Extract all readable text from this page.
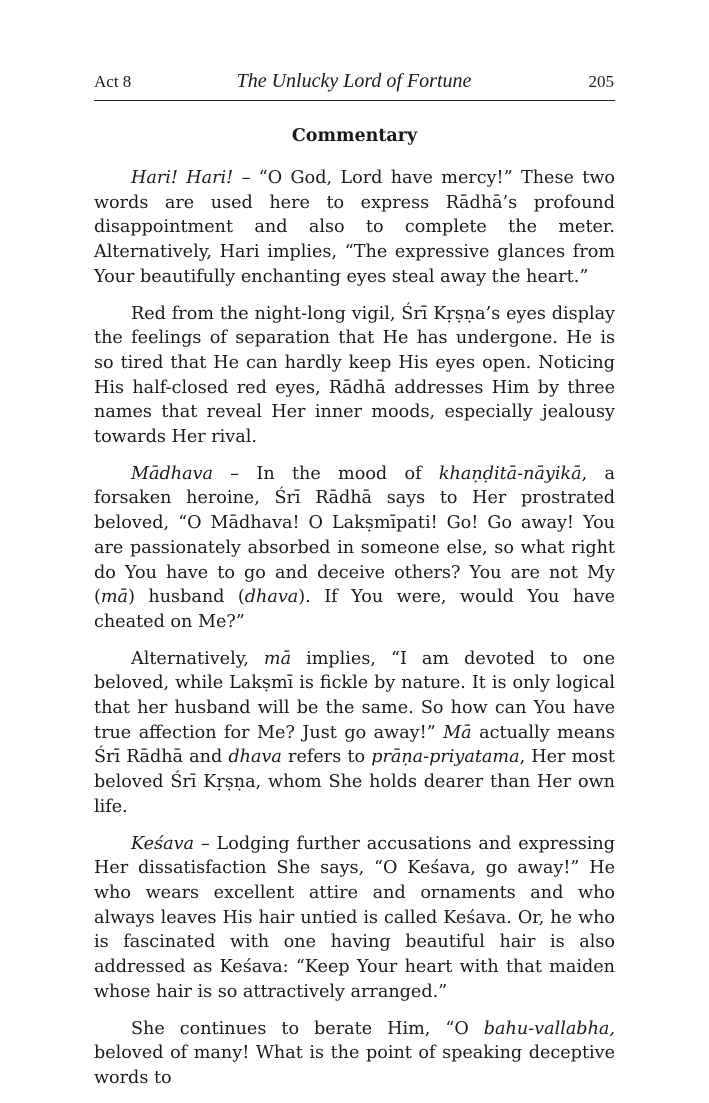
Act 8	The Unlucky Lord of Fortune	205
Commentary

Hari! Hari! – “O God, Lord have mercy!” These two words are used here to express Rādhā’s profound disappointment and also to complete the meter. Alternatively, Hari implies, “The expressive glances from Your beautifully enchanting eyes steal away the heart.”

Red from the night-long vigil, Śrī Kṛṣṇa’s eyes display the feelings of separation that He has undergone. He is so tired that He can hardly keep His eyes open. Noticing His half-closed red eyes, Rādhā addresses Him by three names that reveal Her inner moods, especially jealousy towards Her rival.

Mādhava – In the mood of khaṇḍitā-nāyikā, a forsaken heroine, Śrī Rādhā says to Her prostrated beloved, “O Mādhava! O Lakṣmīpati! Go! Go away! You are passionately absorbed in someone else, so what right do You have to go and deceive others? You are not My (mā) husband (dhava). If You were, would You have cheated on Me?”

Alternatively, mā implies, “I am devoted to one beloved, while Lakṣmī is fickle by nature. It is only logical that her husband will be the same. So how can You have true affection for Me? Just go away!” Mā actually means Śrī Rādhā and dhava refers to prāṇa-priyatama, Her most beloved Śrī Kṛṣṇa, whom She holds dearer than Her own life.

Keśava – Lodging further accusations and expressing Her dissatisfaction She says, “O Keśava, go away!” He who wears excellent attire and ornaments and who always leaves His hair untied is called Keśava. Or, he who is fascinated with one having beautiful hair is also addressed as Keśava: “Keep Your heart with that maiden whose hair is so attractively arranged.”

She continues to berate Him, “O bahu-vallabha, beloved of many! What is the point of speaking deceptive words to
